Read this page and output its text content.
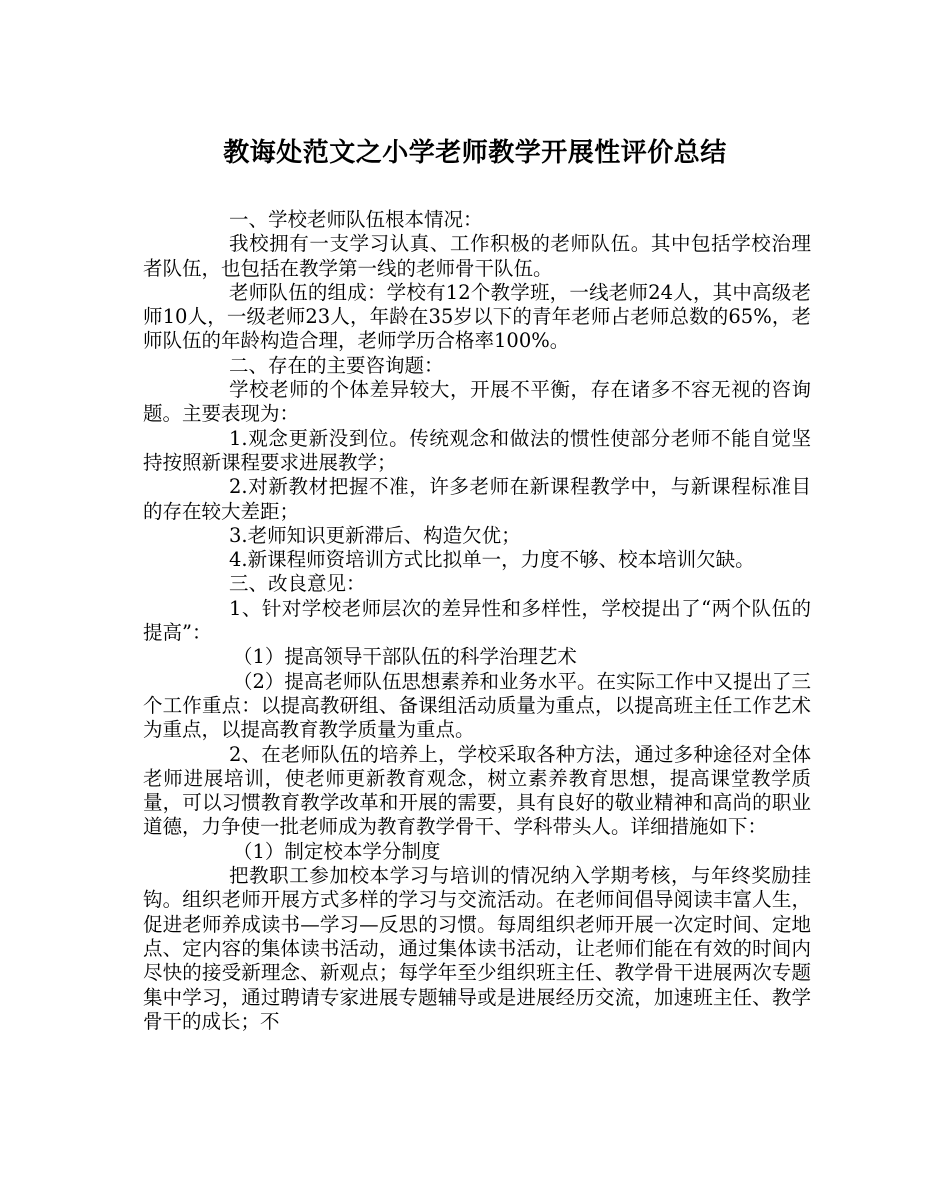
教诲处范文之小学老师教学开展性评价总结

一、学校老师队伍根本情况：

我校拥有一支学习认真、工作积极的老师队伍。其中包括学校治理者队伍，也包括在教学第一线的老师骨干队伍。

老师队伍的组成：学校有12个教学班，一线老师24人，其中高级老师10人，一级老师23人，年龄在35岁以下的青年老师占老师总数的65%，老师队伍的年龄构造合理，老师学历合格率100%。

二、存在的主要咨询题：

学校老师的个体差异较大，开展不平衡，存在诸多不容无视的咨询题。主要表现为：

1.观念更新没到位。传统观念和做法的惯性使部分老师不能自觉坚持按照新课程要求进展教学；

2.对新教材把握不准，许多老师在新课程教学中，与新课程标准目的存在较大差距；

3.老师知识更新滞后、构造欠优；

4.新课程师资培训方式比拟单一，力度不够、校本培训欠缺。

三、改良意见：

1、针对学校老师层次的差异性和多样性，学校提出了“两个队伍的提高”：

（1）提高领导干部队伍的科学治理艺术

（2）提高老师队伍思想素养和业务水平。在实际工作中又提出了三个工作重点：以提高教研组、备课组活动质量为重点，以提高班主任工作艺术为重点，以提高教育教学质量为重点。

2、在老师队伍的培养上，学校采取各种方法，通过多种途径对全体老师进展培训，使老师更新教育观念，树立素养教育思想，提高课堂教学质量，可以习惯教育教学改革和开展的需要，具有良好的敬业精神和高尚的职业道德，力争使一批老师成为教育教学骨干、学科带头人。详细措施如下：

（1）制定校本学分制度

把教职工参加校本学习与培训的情况纳入学期考核，与年终奖励挂钩。组织老师开展方式多样的学习与交流活动。在老师间倡导阅读丰富人生，促进老师养成读书—学习—反思的习惯。每周组织老师开展一次定时间、定地点、定内容的集体读书活动，通过集体读书活动，让老师们能在有效的时间内尽快的接受新理念、新观点；每学年至少组织班主任、教学骨干进展两次专题集中学习，通过聘请专家进展专题辅导或是进展经历交流，加速班主任、教学骨干的成长；不
